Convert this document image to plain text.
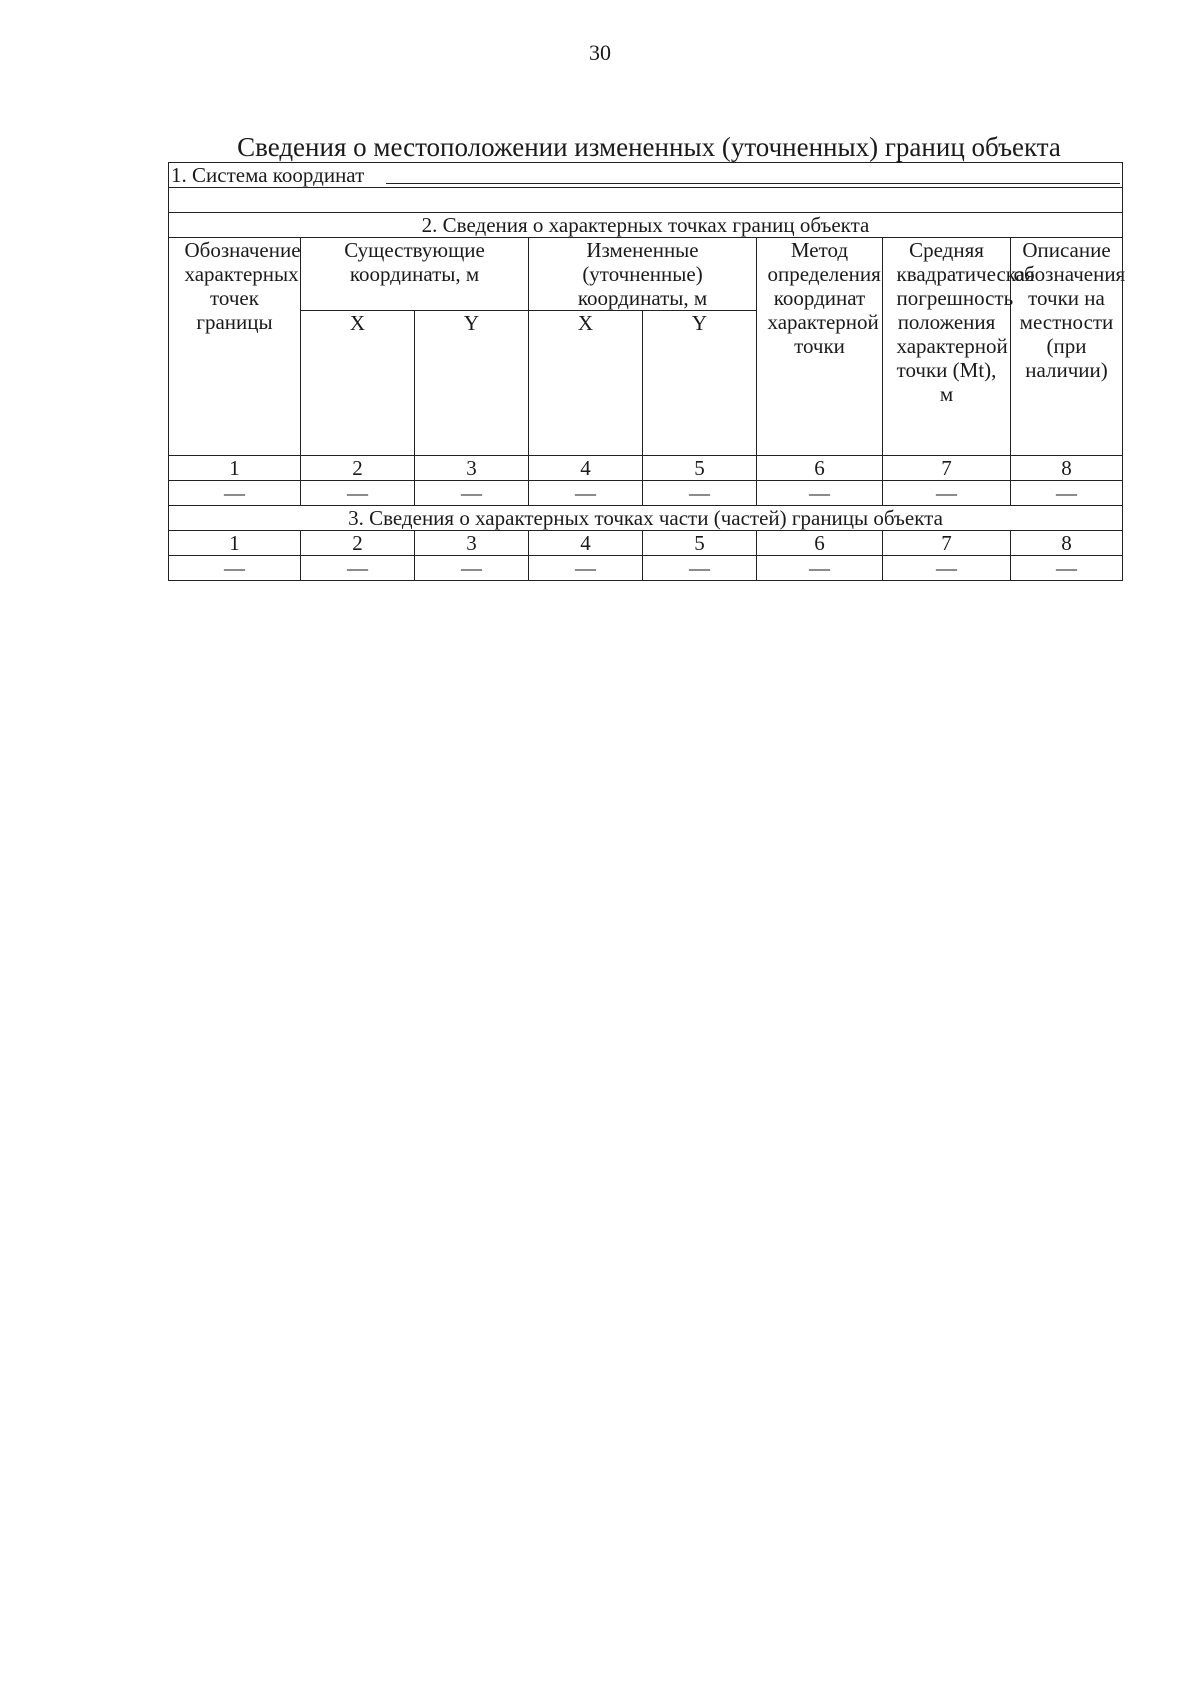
30
Сведения о местоположении измененных (уточненных) границ объекта
1. Система координат							

2. Сведения о характерных точках границ объекта							

Обозначение характерных точек границы	Существующие координаты, м		Измененные (уточненные) координаты, м		Метод определения координат характерной точки	Средняя квадратическая погрешность положения характерной точки (Mt), м	Описание обозначения точки на местности (при наличии)

	X	Y	X	Y			
1	2	3	4	5	6	7	8
—	—	—	—	—	—	—	—
3. Сведения о характерных точках части (частей) границы объекта							
1	2	3	4	5	6	7	8
—	—	—	—	—	—	—	—
